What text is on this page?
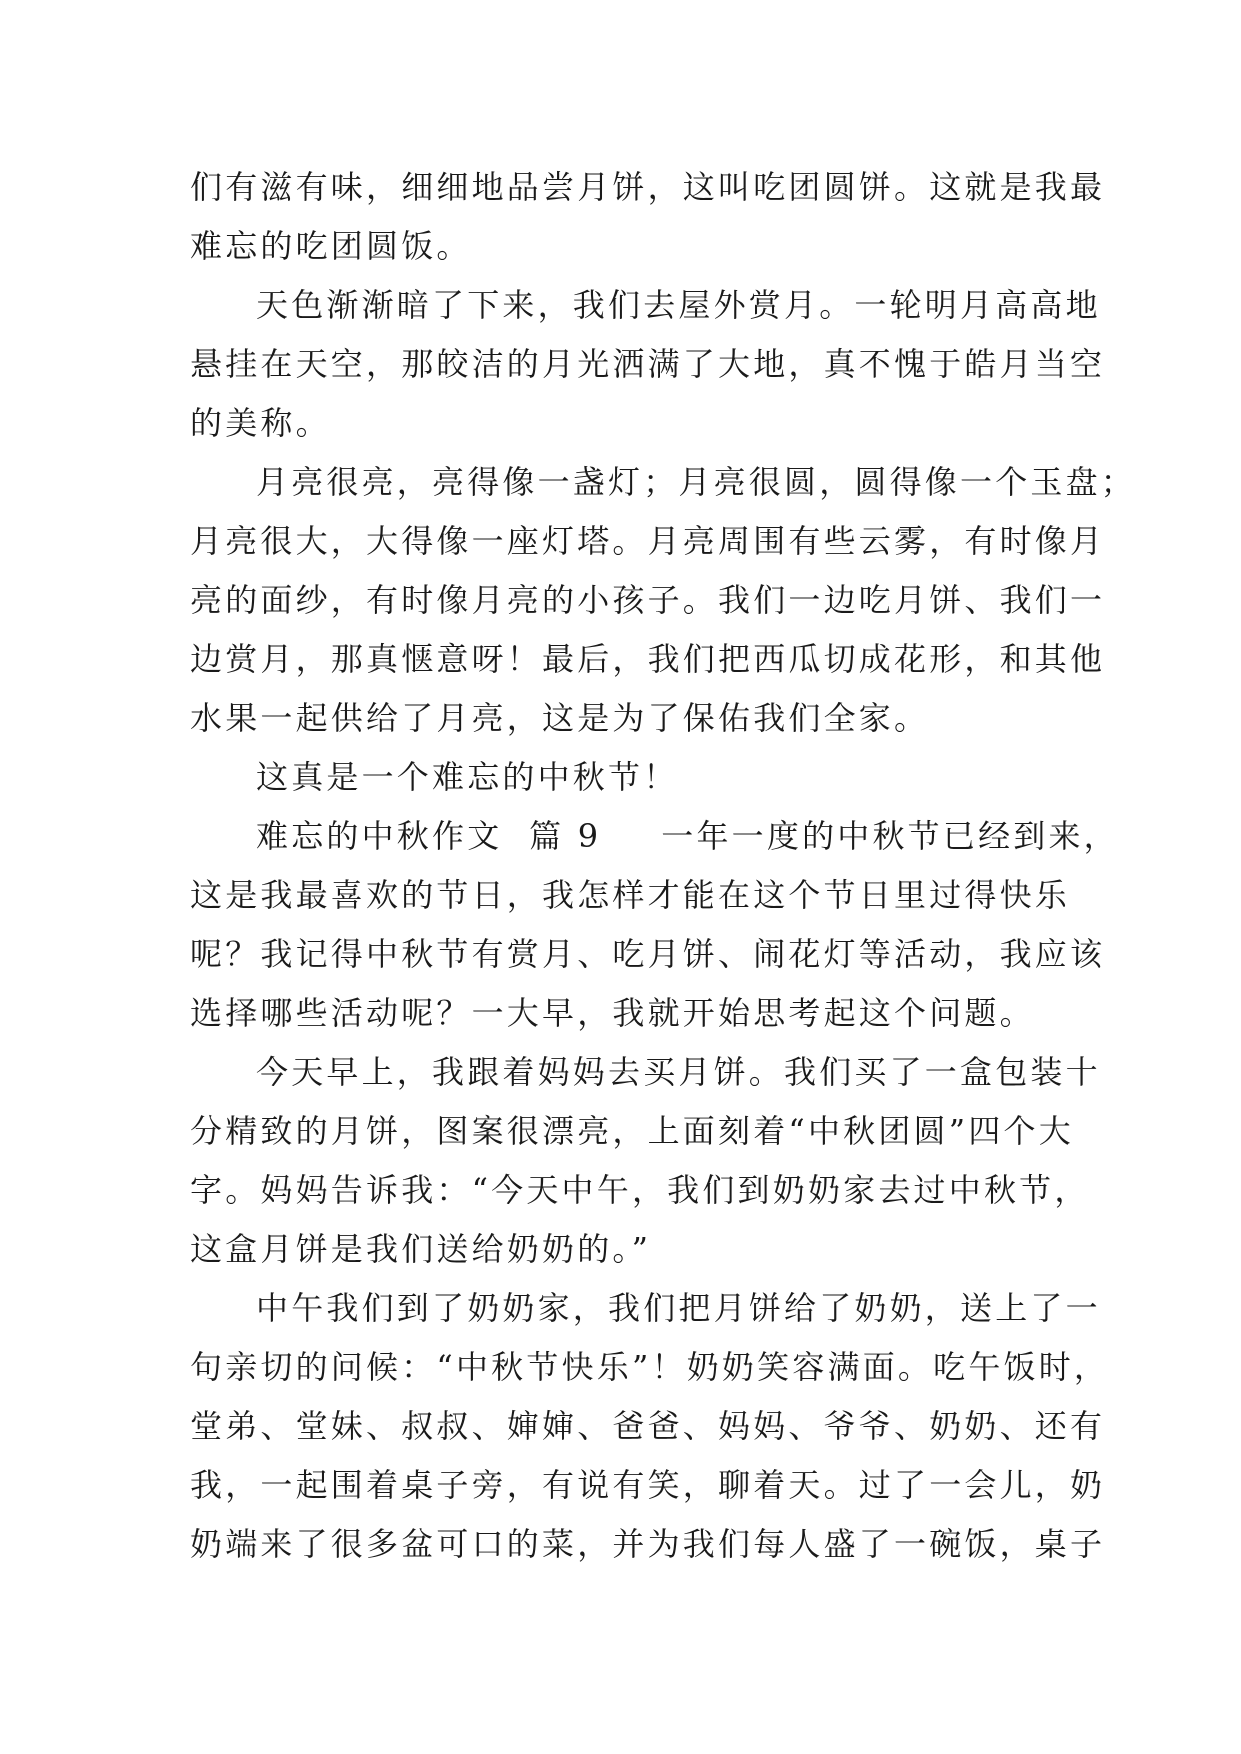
们有滋有味，细细地品尝月饼，这叫吃团圆饼。这就是我最
难忘的吃团圆饭。
天色渐渐暗了下来，我们去屋外赏月。一轮明月高高地
悬挂在天空，那皎洁的月光洒满了大地，真不愧于皓月当空
的美称。
月亮很亮，亮得像一盏灯；月亮很圆，圆得像一个玉盘；
月亮很大，大得像一座灯塔。月亮周围有些云雾，有时像月
亮的面纱，有时像月亮的小孩子。我们一边吃月饼、我们一
边赏月，那真惬意呀！最后，我们把西瓜切成花形，和其他
水果一起供给了月亮，这是为了保佑我们全家。
这真是一个难忘的中秋节！
难忘的中秋作文  篇 9 一年一度的中秋节已经到来，
这是我最喜欢的节日，我怎样才能在这个节日里过得快乐
呢？我记得中秋节有赏月、吃月饼、闹花灯等活动，我应该
选择哪些活动呢？一大早，我就开始思考起这个问题。
今天早上，我跟着妈妈去买月饼。我们买了一盒包装十
分精致的月饼，图案很漂亮，上面刻着“中秋团圆”四个大
字。妈妈告诉我：“今天中午，我们到奶奶家去过中秋节，
这盒月饼是我们送给奶奶的。”
中午我们到了奶奶家，我们把月饼给了奶奶，送上了一
句亲切的问候：“中秋节快乐”！奶奶笑容满面。吃午饭时，
堂弟、堂妹、叔叔、婶婶、爸爸、妈妈、爷爷、奶奶、还有
我，一起围着桌子旁，有说有笑，聊着天。过了一会儿，奶
奶端来了很多盆可口的菜，并为我们每人盛了一碗饭，桌子
